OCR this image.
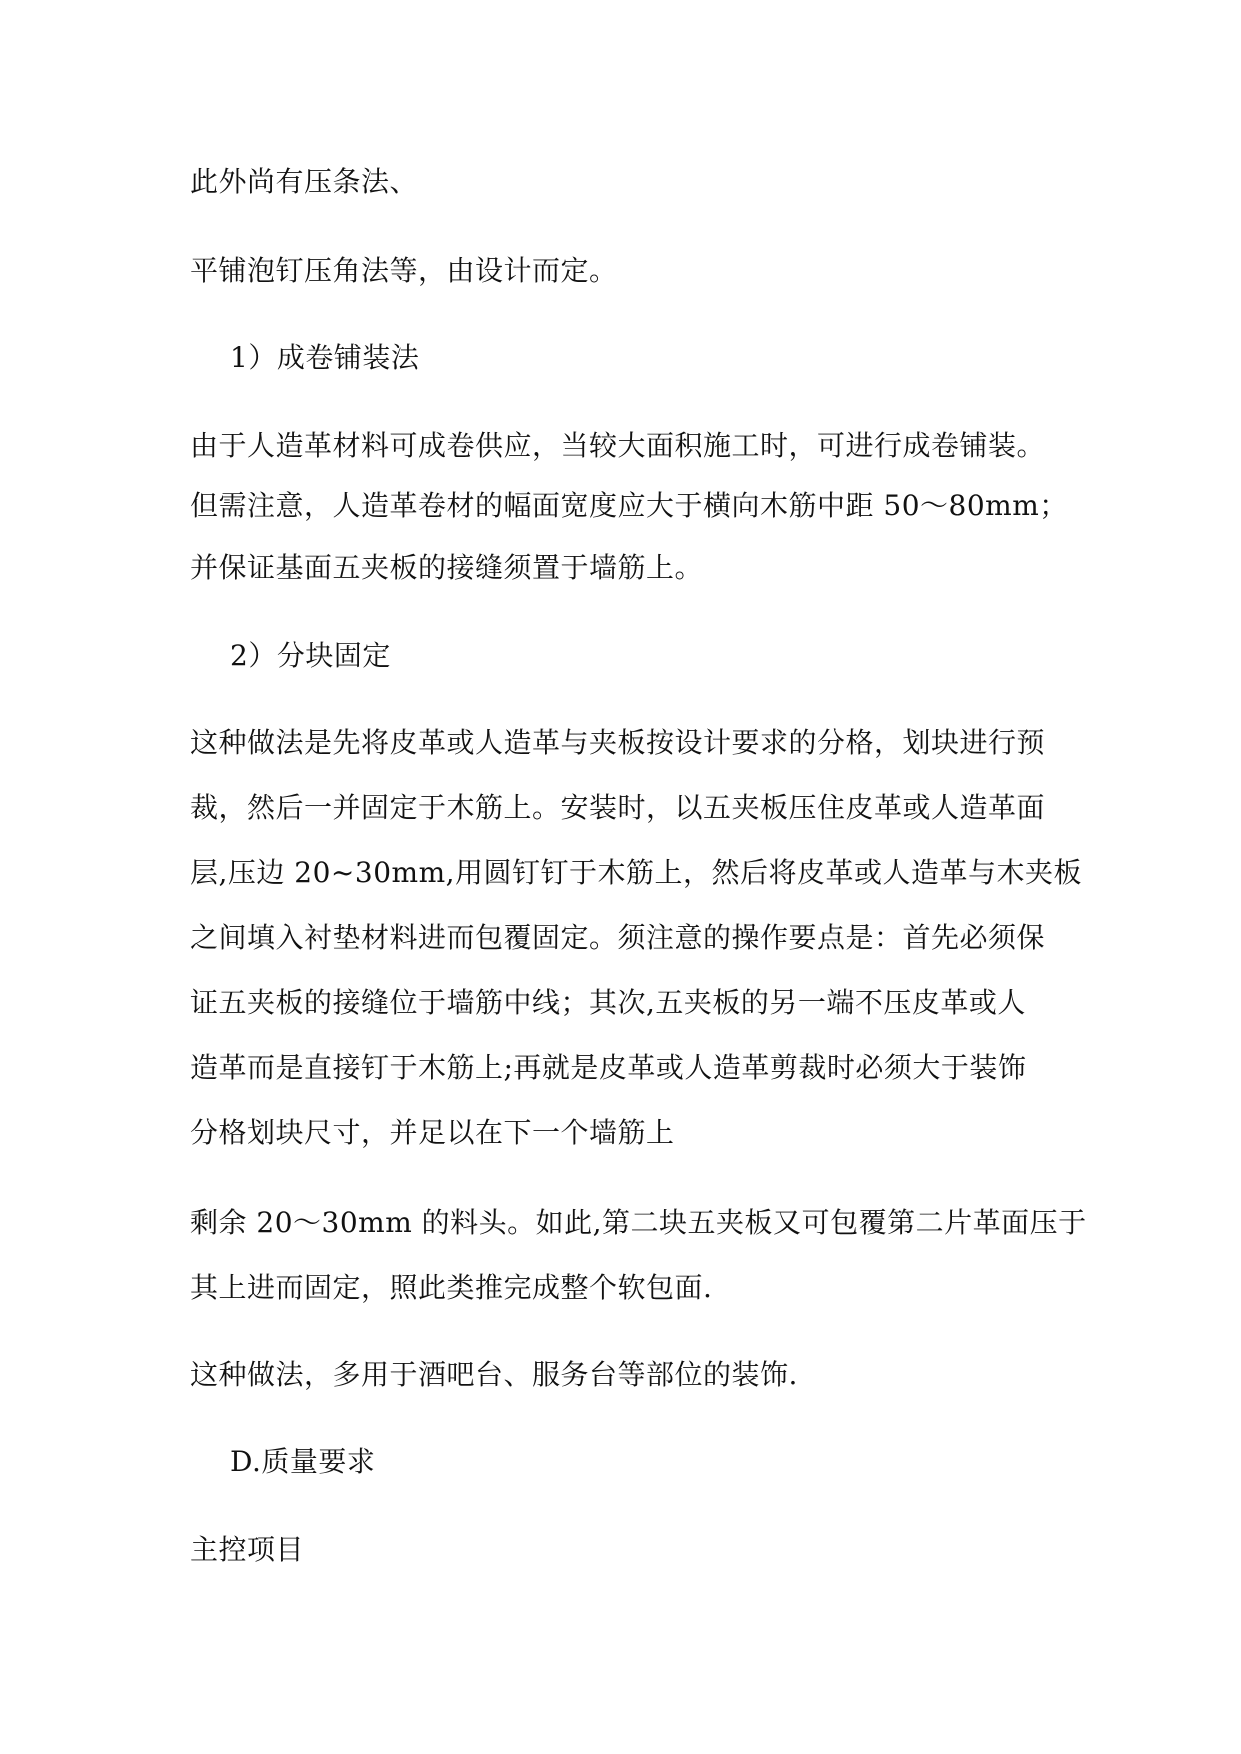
此外尚有压条法、
平铺泡钉压角法等，由设计而定。
1）成卷铺装法
由于人造革材料可成卷供应，当较大面积施工时，可进行成卷铺装。
但需注意，人造革卷材的幅面宽度应大于横向木筋中距 50～80mm；
并保证基面五夹板的接缝须置于墙筋上。
2）分块固定
这种做法是先将皮革或人造革与夹板按设计要求的分格，划块进行预
裁，然后一并固定于木筋上。安装时，以五夹板压住皮革或人造革面
层,压边 20~30mm,用圆钉钉于木筋上，然后将皮革或人造革与木夹板
之间填入衬垫材料进而包覆固定。须注意的操作要点是：首先必须保
证五夹板的接缝位于墙筋中线；其次,五夹板的另一端不压皮革或人
造革而是直接钉于木筋上;再就是皮革或人造革剪裁时必须大于装饰
分格划块尺寸，并足以在下一个墙筋上
剩余 20～30mm 的料头。如此,第二块五夹板又可包覆第二片革面压于
其上进而固定，照此类推完成整个软包面.
这种做法，多用于酒吧台、服务台等部位的装饰.
D.质量要求
主控项目
